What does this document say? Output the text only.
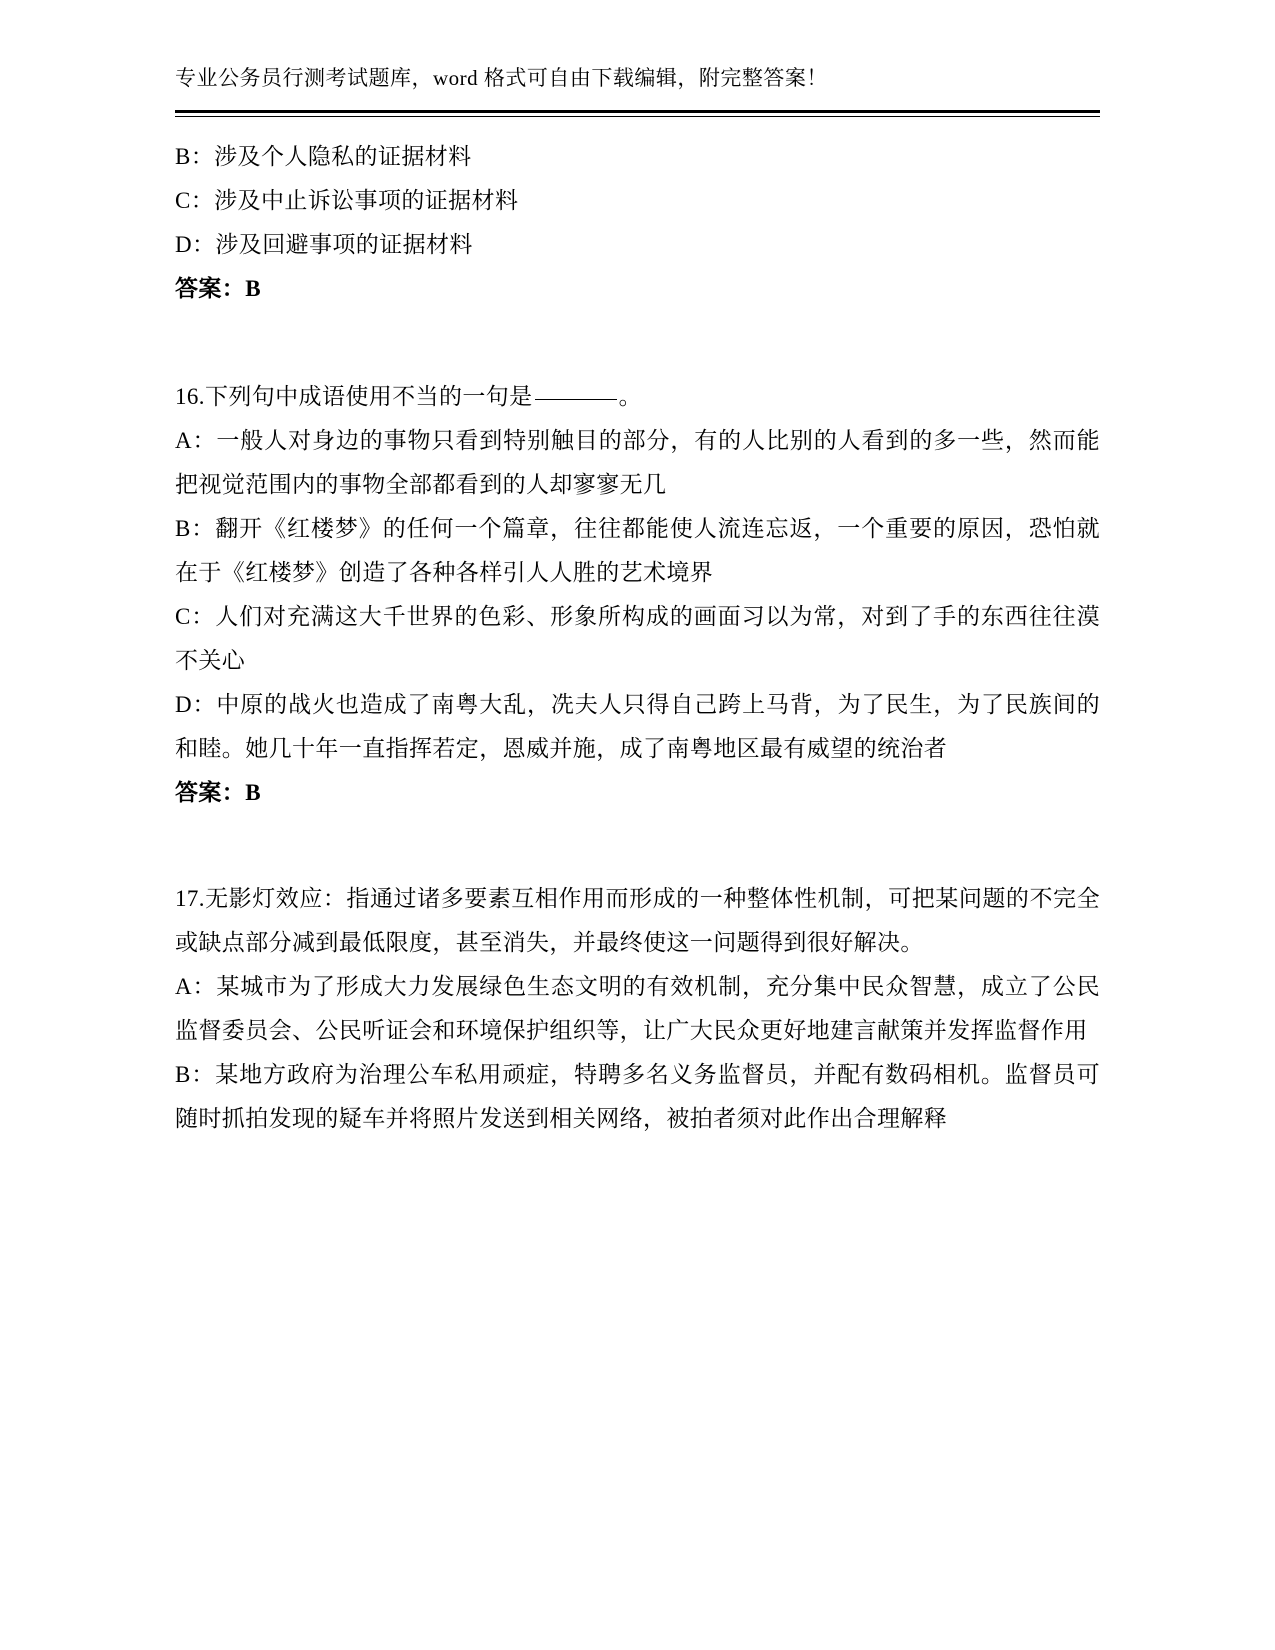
专业公务员行测考试题库，word 格式可自由下载编辑，附完整答案！

B：涉及个人隐私的证据材料

C：涉及中止诉讼事项的证据材料

D：涉及回避事项的证据材料

答案：B

16.下列句中成语使用不当的一句是	。

A：一般人对身边的事物只看到特别触目的部分，有的人比别的人看到的多一些，然而能把视觉范围内的事物全部都看到的人却寥寥无几

B：翻开《红楼梦》的任何一个篇章，往往都能使人流连忘返，一个重要的原因，恐怕就在于《红楼梦》创造了各种各样引人人胜的艺术境界

C：人们对充满这大千世界的色彩、形象所构成的画面习以为常，对到了手的东西往往漠不关心

D：中原的战火也造成了南粤大乱，冼夫人只得自己跨上马背，为了民生，为了民族间的和睦。她几十年一直指挥若定，恩威并施，成了南粤地区最有威望的统治者

答案：B

17.无影灯效应：指通过诸多要素互相作用而形成的一种整体性机制，可把某问题的不完全或缺点部分减到最低限度，甚至消失，并最终使这一问题得到很好解决。

A：某城市为了形成大力发展绿色生态文明的有效机制，充分集中民众智慧，成立了公民监督委员会、公民听证会和环境保护组织等，让广大民众更好地建言献策并发挥监督作用

B：某地方政府为治理公车私用顽症，特聘多名义务监督员，并配有数码相机。监督员可随时抓拍发现的疑车并将照片发送到相关网络，被拍者须对此作出合理解释
